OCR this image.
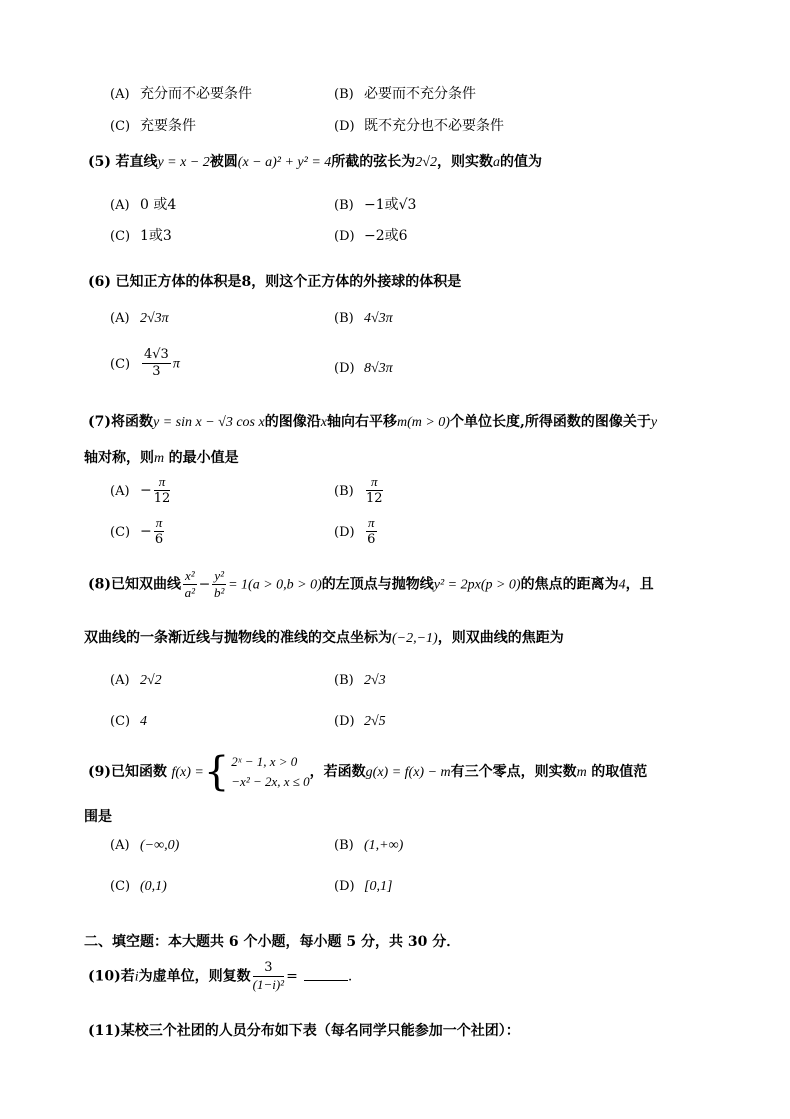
(A) 充分而不必要条件	(B) 必要而不充分条件
(C) 充要条件	(D) 既不充分也不必要条件
(5) 若直线y = x − 2被圆(x − a)² + y² = 4所截的弦长为2√2，则实数a的值为
(A) 0 或4	(B) −1或√3
(C) 1或3	(D) −2或6
(6) 已知正方体的体积是8，则这个正方体的外接球的体积是
(A) 2√3π	(B) 4√3π
$(C) \frac{4√3}{3}$ π	(D) 8√3π
(7)将函数y = sin x − √3 cos x的图像沿x轴向右平移m(m > 0)个单位长度,所得函数的图像关于y
轴对称，则m 的最小值是
$(A) - \frac{\pi}{12}$	$(B) \frac{\pi}{12}$
$(C) - \frac{\pi}{6}$	$(D) \frac{\pi}{6}$
(8)已知双曲线 $\frac{\text{x²}}{\text{a²}} - \frac{\text{y²}}{\text{b²}} = 1(a > 0,b > 0)$的左顶点与抛物线y² = 2px(p > 0)的焦点的距离为4，且
双曲线的一条渐近线与抛物线的准线的交点坐标为(−2,−1)，则双曲线的焦距为
(A) 2√2	(B) 2√3
(C) 4	(D) 2√5
(9)已知函数 f(x) ={ 2ˣ − 1, x > 0
−x² − 2x, x ≤ 0
，若函数g(x) = f(x) − m有三个零点，则实数m 的取值范
围是
(A) (−∞,0)	(B) (1,+∞)
(C) (0,1)	(D) [0,1]
二、填空题：本大题共 6 个小题，每小题 5 分，共 30 分．
(10)若i为虚单位，则复数 $\frac{3}{\text{(1−i)²}}$ =	.
(11)某校三个社团的人员分布如下表（每名同学只能参加一个社团）：
